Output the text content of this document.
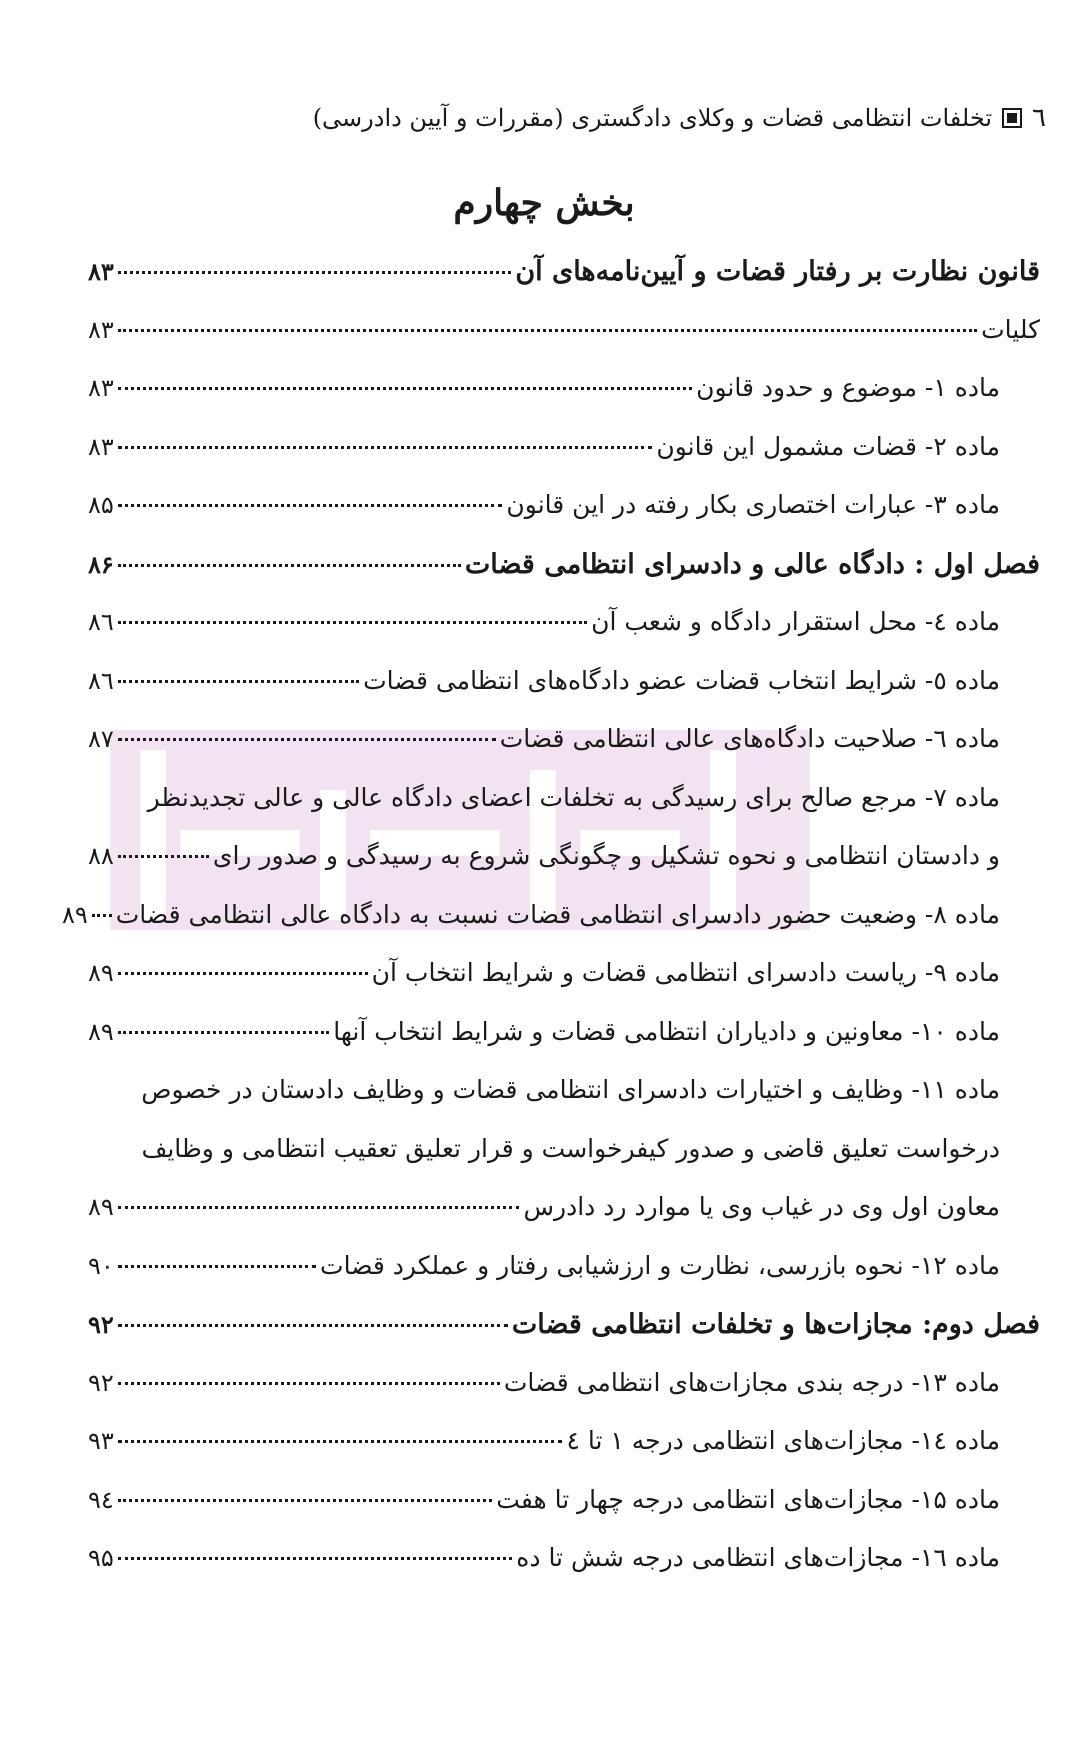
٦
تخلفات انتظامی قضات و وکلای دادگستری (مقررات و آیین دادرسی)
بخش چهارم
قانون نظارت بر رفتار قضات و آیین‌نامه‌های آن
۸۳
کلیات
۸۳
ماده ۱- موضوع و حدود قانون
۸۳
ماده ۲- قضات مشمول این قانون
۸۳
ماده ۳- عبارات اختصاری بکار رفته در این قانون
۸۵
فصل اول : دادگاه عالی و دادسرای انتظامی قضات
۸۶
ماده ٤- محل استقرار دادگاه و شعب آن
۸٦
ماده ٥- شرایط انتخاب قضات عضو دادگاه‌های انتظامی قضات
۸٦
ماده ٦- صلاحیت دادگاه‌های عالی انتظامی قضات
۸۷
ماده ۷- مرجع صالح برای رسیدگی به تخلفات اعضای دادگاه عالی و عالی تجدیدنظر
و دادستان انتظامی و نحوه تشکیل و چگونگی شروع به رسیدگی و صدور رای
۸۸
ماده ۸- وضعیت حضور دادسرای انتظامی قضات نسبت به دادگاه عالی انتظامی قضات
۸۹
ماده ۹- ریاست دادسرای انتظامی قضات و شرایط انتخاب آن
۸۹
ماده ۱۰- معاونین و دادیاران انتظامی قضات و شرایط انتخاب آنها
۸۹
ماده ۱۱- وظایف و اختیارات دادسرای انتظامی قضات و وظایف دادستان در خصوص
درخواست تعلیق قاضی و صدور کیفرخواست و قرار تعلیق تعقیب انتظامی و وظایف
معاون اول وی در غیاب وی یا موارد رد دادرس
۸۹
ماده ۱۲- نحوه بازرسی، نظارت و ارزشیابی رفتار و عملکرد قضات
۹۰
فصل دوم: مجازات‌ها و تخلفات انتظامی قضات
۹۲
ماده ۱۳- درجه بندی مجازات‌های انتظامی قضات
۹۲
ماده ١٤- مجازات‌های انتظامی درجه ۱ تا ٤
۹۳
ماده ۱۵- مجازات‌های انتظامی درجه چهار تا هفت
۹٤
ماده ١٦- مجازات‌های انتظامی درجه شش تا ده
۹۵
